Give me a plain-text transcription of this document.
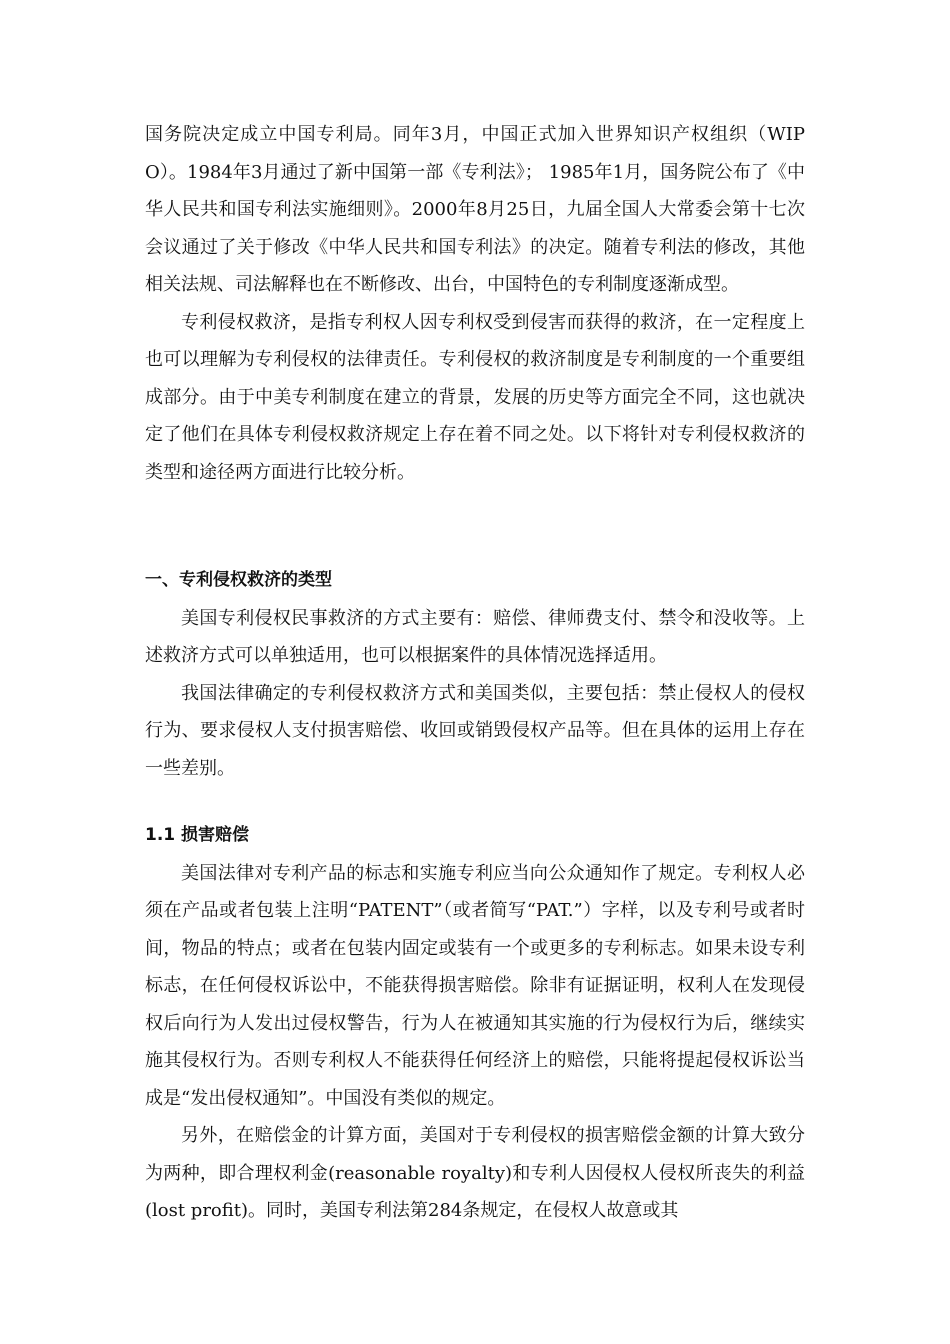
国务院决定成立中国专利局。同年3月，中国正式加入世界知识产权组织（WIPO）。1984年3月通过了新中国第一部《专利法》； 1985年1月，国务院公布了《中华人民共和国专利法实施细则》。2000年8月25日，九届全国人大常委会第十七次会议通过了关于修改《中华人民共和国专利法》的决定。随着专利法的修改，其他相关法规、司法解释也在不断修改、出台，中国特色的专利制度逐渐成型。

专利侵权救济，是指专利权人因专利权受到侵害而获得的救济，在一定程度上也可以理解为专利侵权的法律责任。专利侵权的救济制度是专利制度的一个重要组成部分。由于中美专利制度在建立的背景，发展的历史等方面完全不同，这也就决定了他们在具体专利侵权救济规定上存在着不同之处。以下将针对专利侵权救济的类型和途径两方面进行比较分析。

一、专利侵权救济的类型

美国专利侵权民事救济的方式主要有：赔偿、律师费支付、禁令和没收等。上述救济方式可以单独适用，也可以根据案件的具体情况选择适用。

我国法律确定的专利侵权救济方式和美国类似，主要包括：禁止侵权人的侵权行为、要求侵权人支付损害赔偿、收回或销毁侵权产品等。但在具体的运用上存在一些差别。

1.1 损害赔偿

美国法律对专利产品的标志和实施专利应当向公众通知作了规定。专利权人必须在产品或者包装上注明“PATENT”（或者简写“PAT.”）字样，以及专利号或者时间，物品的特点；或者在包装内固定或装有一个或更多的专利标志。如果未设专利标志，在任何侵权诉讼中，不能获得损害赔偿。除非有证据证明，权利人在发现侵权后向行为人发出过侵权警告，行为人在被通知其实施的行为侵权行为后，继续实施其侵权行为。否则专利权人不能获得任何经济上的赔偿，只能将提起侵权诉讼当成是“发出侵权通知”。中国没有类似的规定。

另外，在赔偿金的计算方面，美国对于专利侵权的损害赔偿金额的计算大致分为两种，即合理权利金(reasonable royalty)和专利人因侵权人侵权所丧失的利益(lost profit)。同时，美国专利法第284条规定，在侵权人故意或其
